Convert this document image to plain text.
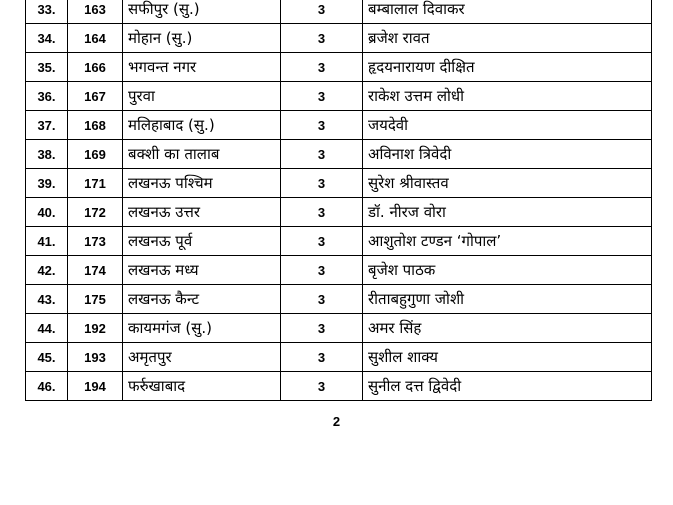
33.	163	सफीपुर (सु.)	3	बम्बालाल दिवाकर
34.	164	मोहान (सु.)	3	ब्रजेश रावत
35.	166	भगवन्त नगर	3	हृदयनारायण दीक्षित
36.	167	पुरवा	3	राकेश उत्तम लोधी
37.	168	मलिहाबाद (सु.)	3	जयदेवी
38.	169	बक्शी का तालाब	3	अविनाश त्रिवेदी
39.	171	लखनऊ पश्चिम	3	सुरेश श्रीवास्तव
40.	172	लखनऊ उत्तर	3	डॉ. नीरज वोरा
41.	173	लखनऊ पूर्व	3	आशुतोश टण्डन ‘गोपाल’
42.	174	लखनऊ मध्य	3	बृजेश पाठक
43.	175	लखनऊ कैन्ट	3	रीताबहुगुणा जोशी
44.	192	कायमगंज (सु.)	3	अमर सिंह
45.	193	अमृतपुर	3	सुशील शाक्य
46.	194	फर्रुखाबाद	3	सुनील दत्त द्विवेदी
2
